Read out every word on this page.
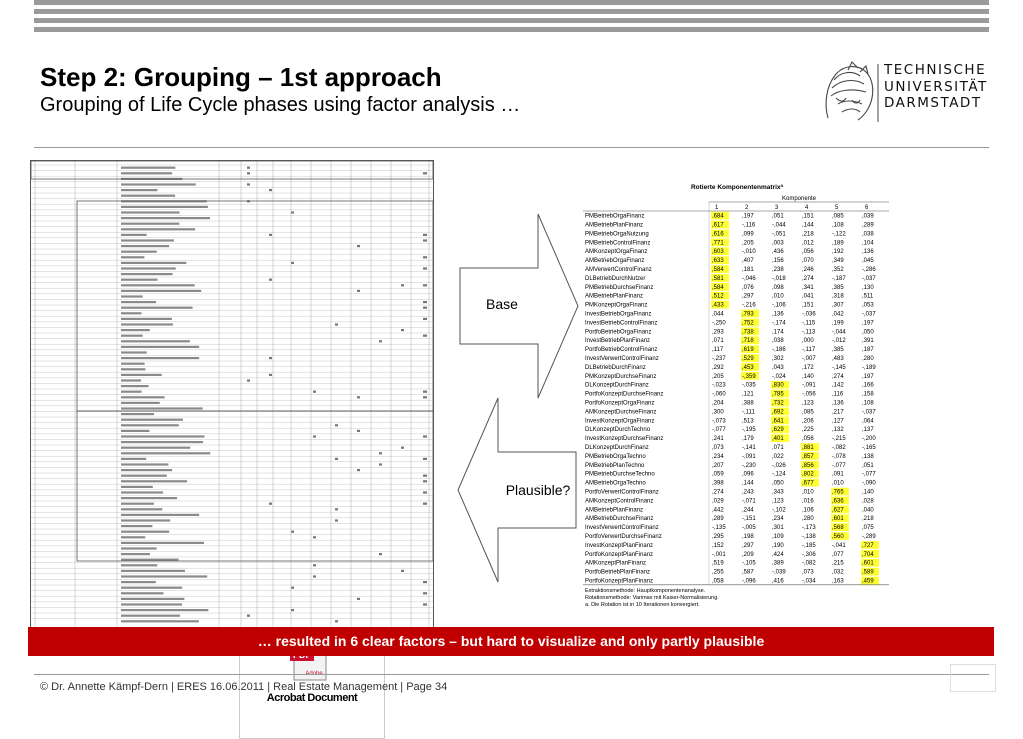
Step 2: Grouping – 1st approach
Grouping of Life Cycle phases using factor analysis …
TECHNISCHE
UNIVERSITÄT
DARMSTADT
Acrobat Document
Base
Plausible?
Rotierte Komponentenmatrix$^a$
Komponente
1	2	3	4	5	6
PMBetriebOrgaFinanz	.684	,197	,051	,151	,085	,039
AMBetriebPlanFinanz	,617	-,116	-,044	,144	,108	,289
PMBetriebOrgaNutzung	,616	,099	-,051	,218	-,122	,038
PMBetriebControlFinanz	,771	,205	,003	,012	,189	,104
AMKonzeptOrgaFinanz	,603	-,010	,436	,056	,192	,136
AMBetriebOrgaFinanz	,633	,407	,156	,070	,349	,045
AMVerwertControlFinanz	,584	,181	,238	,246	,352	-,286
DLBetriebDurchNutzer	,581	-,046	-,018	,274	-,187	-,037
PMBetriebDurchseFinanz	,584	,076	,098	,341	,385	,130
AMBetriebPlanFinanz	,512	,297	,010	,041	,318	,511
PMKonzeptOrgaFinanz	,433	-,216	-,106	,151	,307	,053
InvestBetriebOrgaFinanz	,044	,793	,136	-,036	,042	-,037
InvestBetriebControlFinanz	-,250	,752	-,174	-,115	,199	,197
PortfoBetriebOrgaFinanz	,293	,738	,174	-,113	-,044	,050
InvestBetriebPlanFinanz	,071	,718	,038	,000	-,012	,391
PortfoBetriebControlFinanz	,117	,619	-,186	-,117	,385	,187
InvestVerwertControlFinanz	-,237	,529	,302	-,007	,483	,280
DLBetriebDurchFinanz	,292	,453	,043	,172	-,145	-,189
PMKonzeptDurchseFinanz	,205	-,359	-,024	,140	,274	,197
DLKonzeptDurchFinanz	-,023	-,035	,830	-,091	,142	,166
PortfoKonzeptDurchseFinanz	-,060	,121	,785	-,056	,116	,158
PortfoKonzeptOrgaFinanz	,204	,388	,732	,123	,136	,108
AMKonzeptDurchseFinanz	,300	-,111	,692	,085	,217	-,037
InvestKonzeptOrgaFinanz	-,073	,513	,641	,206	,127	,064
DLKonzeptDurchTechno	-,077	-,195	,629	,225	,132	,137
InvestKonzeptDurchseFinanz	,241	,179	,401	,056	-,215	-,200
DLKonzeptDurchFinanz	,073	-,141	,071	,881	-,082	-,165
PMBetriebOrgaTechno	,234	-,091	,022	,857	-,078	,138
PMBetriebPlanTechno	,207	-,230	-,026	,856	-,077	,051
PMBetriebDurchseTechno	,059	,096	-,124	,802	,091	-,077
AMBetriebOrgaTechno	,398	,144	,050	,677	,010	-,090
PortfoVerwertControlFinanz	,274	,243	,343	,010	,765	,140
AMKonzeptControlFinanz	,029	-,071	,123	,016	,636	,028
AMBetriebPlanFinanz	,442	,244	-,102	,106	,627	,040
AMBetriebDurchseFinanz	,289	-,151	,234	,280	,601	,218
InvestVerwertControlFinanz	-,135	-,005	,301	-,173	,568	,075
PortfoVerwertDurchseFinanz	,295	,198	,109	-,138	,560	-,289
InvestKonzeptPlanFinanz	,152	,297	,190	-,185	-,041	,727
PortfoKonzeptPlanFinanz	-,001	,209	,424	-,306	,077	,704
AMKonzeptPlanFinanz	,519	-,105	,389	-,082	,215	,601
PortfoBetriebPlanFinanz	,255	,587	-,039	,073	,032	,589
PortfoKonzeptPlanFinanz	,058	-,096	,416	-,034	,163	,459
Extraktionsmethode: Hauptkomponentenanalyse.
Rotationsmethode: Varimax mit Kaiser-Normalisierung.
a. Die Rotation ist in 10 Iterationen konvergiert.
… resulted in 6 clear factors – but hard to visualize and only partly plausible
© Dr. Annette Kämpf-Dern | ERES 16.06.2011 | Real Estate Management | Page 34
